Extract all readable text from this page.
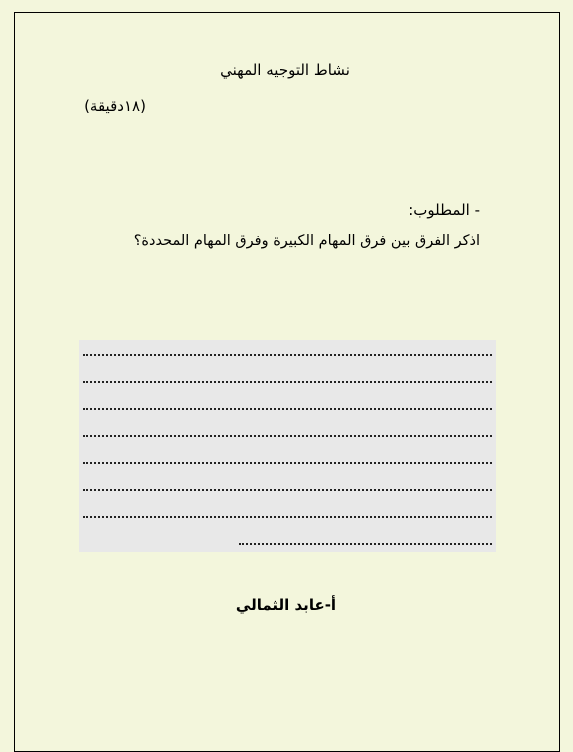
نشاط التوجيه المهني
(١٨دقيقة)
- المطلوب:
اذكر الفرق بين فرق المهام الكبيرة وفرق المهام المحددة؟
أ-عابد الثمالي
